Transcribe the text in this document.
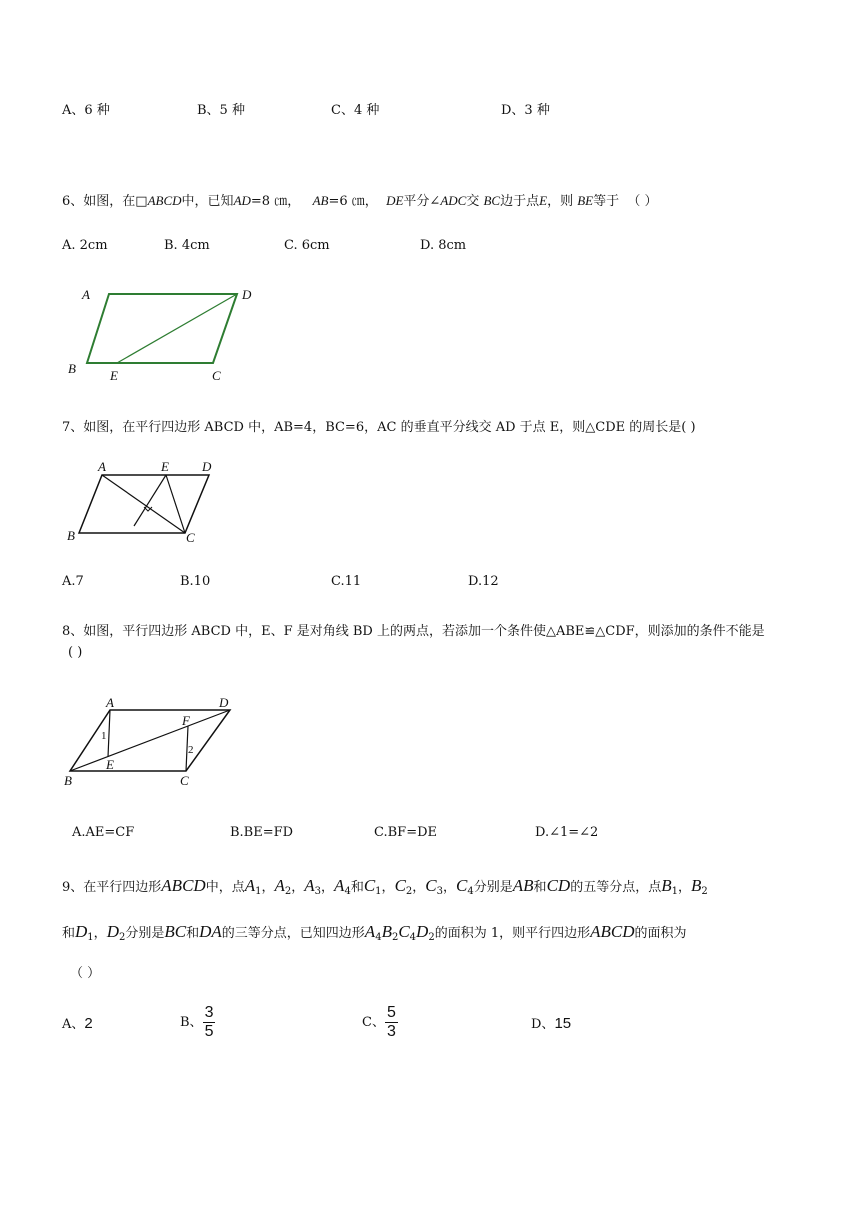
A、6 种	B、5 种	C、4 种	D、3 种
6、如图，在□ABCD中，已知AD=8 ㎝， AB=6 ㎝， DE平分∠ADC交 BC边于点E，则 BE等于 （ ）
A. 2cm	B. 4cm	C. 6cm	D. 8cm
A	D
B	E	C
7、如图，在平行四边形 ABCD 中，AB=4，BC=6，AC 的垂直平分线交 AD 于点 E，则△CDE 的周长是( )
A	E	D
B	C
A.7	B.10	C.11	D.12
8、如图，平行四边形 ABCD 中，E、F 是对角线 BD 上的两点，若添加一个条件使△ABE≌△CDF，则添加的条件不能是
( )
A	D
F
E
B	C
1
2
A.AE=CF	B.BE=FD	C.BF=DE	D.∠1=∠2
9、在平行四边形ABCD中，点$A_1$，$A_2$，$A_3$，$A_4$和$C_1$，$C_2$，$C_3$，$C_4$分别是AB和CD的五等分点，点$B_1$，$B_2$
和$D_1$，$D_2$分别是BC和DA的三等分点，已知四边形$A_4B_2C_4D_2$的面积为 1，则平行四边形ABCD的面积为
（ ）
A、2	B、 $\frac{3}{5}$	C、 $\frac{5}{3}$	D、15
